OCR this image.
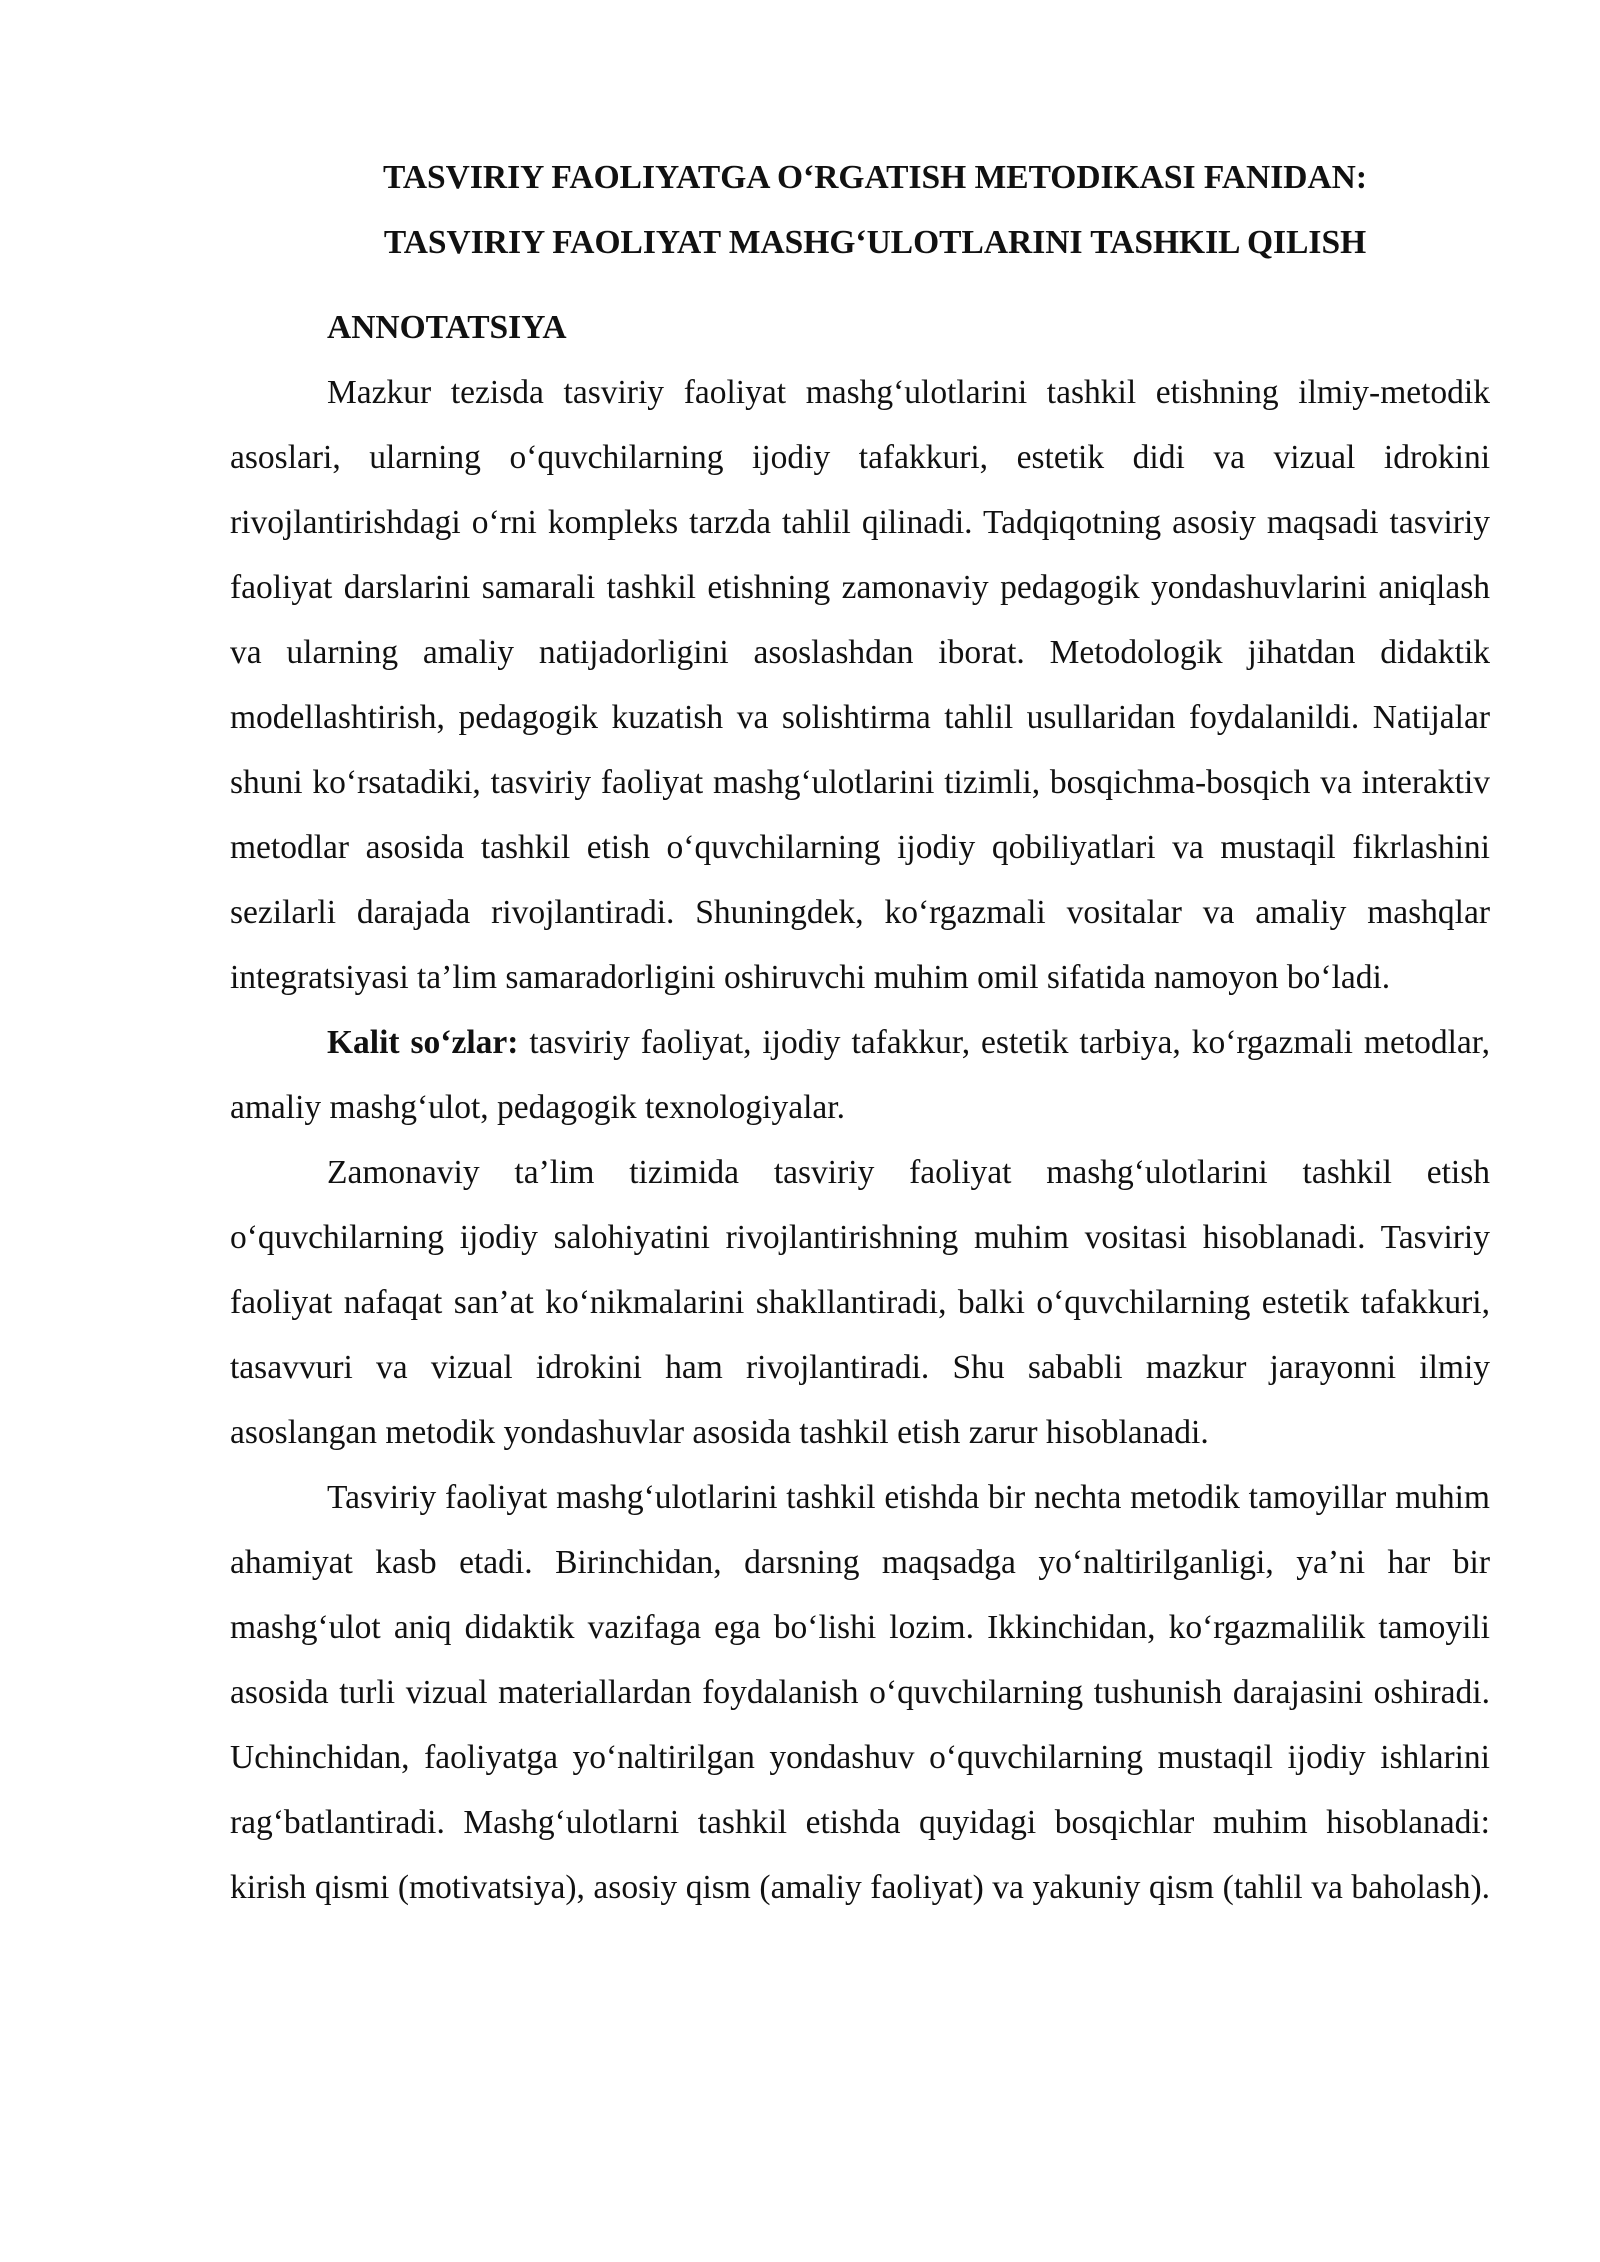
TASVIRIY FAOLIYATGA O‘RGATISH METODIKASI FANIDAN:
TASVIRIY FAOLIYAT MASHG‘ULOTLARINI TASHKIL QILISH

ANNOTATSIYA

Mazkur tezisda tasviriy faoliyat mashg‘ulotlarini tashkil etishning ilmiy-metodik asoslari, ularning o‘quvchilarning ijodiy tafakkuri, estetik didi va vizual idrokini rivojlantirishdagi o‘rni kompleks tarzda tahlil qilinadi. Tadqiqotning asosiy maqsadi tasviriy faoliyat darslarini samarali tashkil etishning zamonaviy pedagogik yondashuvlarini aniqlash va ularning amaliy natijadorligini asoslashdan iborat. Metodologik jihatdan didaktik modellashtirish, pedagogik kuzatish va solishtirma tahlil usullaridan foydalanildi. Natijalar shuni ko‘rsatadiki, tasviriy faoliyat mashg‘ulotlarini tizimli, bosqichma-bosqich va interaktiv metodlar asosida tashkil etish o‘quvchilarning ijodiy qobiliyatlari va mustaqil fikrlashini sezilarli darajada rivojlantiradi. Shuningdek, ko‘rgazmali vositalar va amaliy mashqlar integratsiyasi ta’lim samaradorligini oshiruvchi muhim omil sifatida namoyon bo‘ladi.

Kalit so‘zlar: tasviriy faoliyat, ijodiy tafakkur, estetik tarbiya, ko‘rgazmali metodlar, amaliy mashg‘ulot, pedagogik texnologiyalar.

Zamonaviy ta’lim tizimida tasviriy faoliyat mashg‘ulotlarini tashkil etish o‘quvchilarning ijodiy salohiyatini rivojlantirishning muhim vositasi hisoblanadi. Tasviriy faoliyat nafaqat san’at ko‘nikmalarini shakllantiradi, balki o‘quvchilarning estetik tafakkuri, tasavvuri va vizual idrokini ham rivojlantiradi. Shu sababli mazkur jarayonni ilmiy asoslangan metodik yondashuvlar asosida tashkil etish zarur hisoblanadi.

Tasviriy faoliyat mashg‘ulotlarini tashkil etishda bir nechta metodik tamoyillar muhim ahamiyat kasb etadi. Birinchidan, darsning maqsadga yo‘naltirilganligi, ya’ni har bir mashg‘ulot aniq didaktik vazifaga ega bo‘lishi lozim. Ikkinchidan, ko‘rgazmalilik tamoyili asosida turli vizual materiallardan foydalanish o‘quvchilarning tushunish darajasini oshiradi. Uchinchidan, faoliyatga yo‘naltirilgan yondashuv o‘quvchilarning mustaqil ijodiy ishlarini rag‘batlantiradi. Mashg‘ulotlarni tashkil etishda quyidagi bosqichlar muhim hisoblanadi: kirish qismi (motivatsiya), asosiy qism (amaliy faoliyat) va yakuniy qism (tahlil va baholash).
